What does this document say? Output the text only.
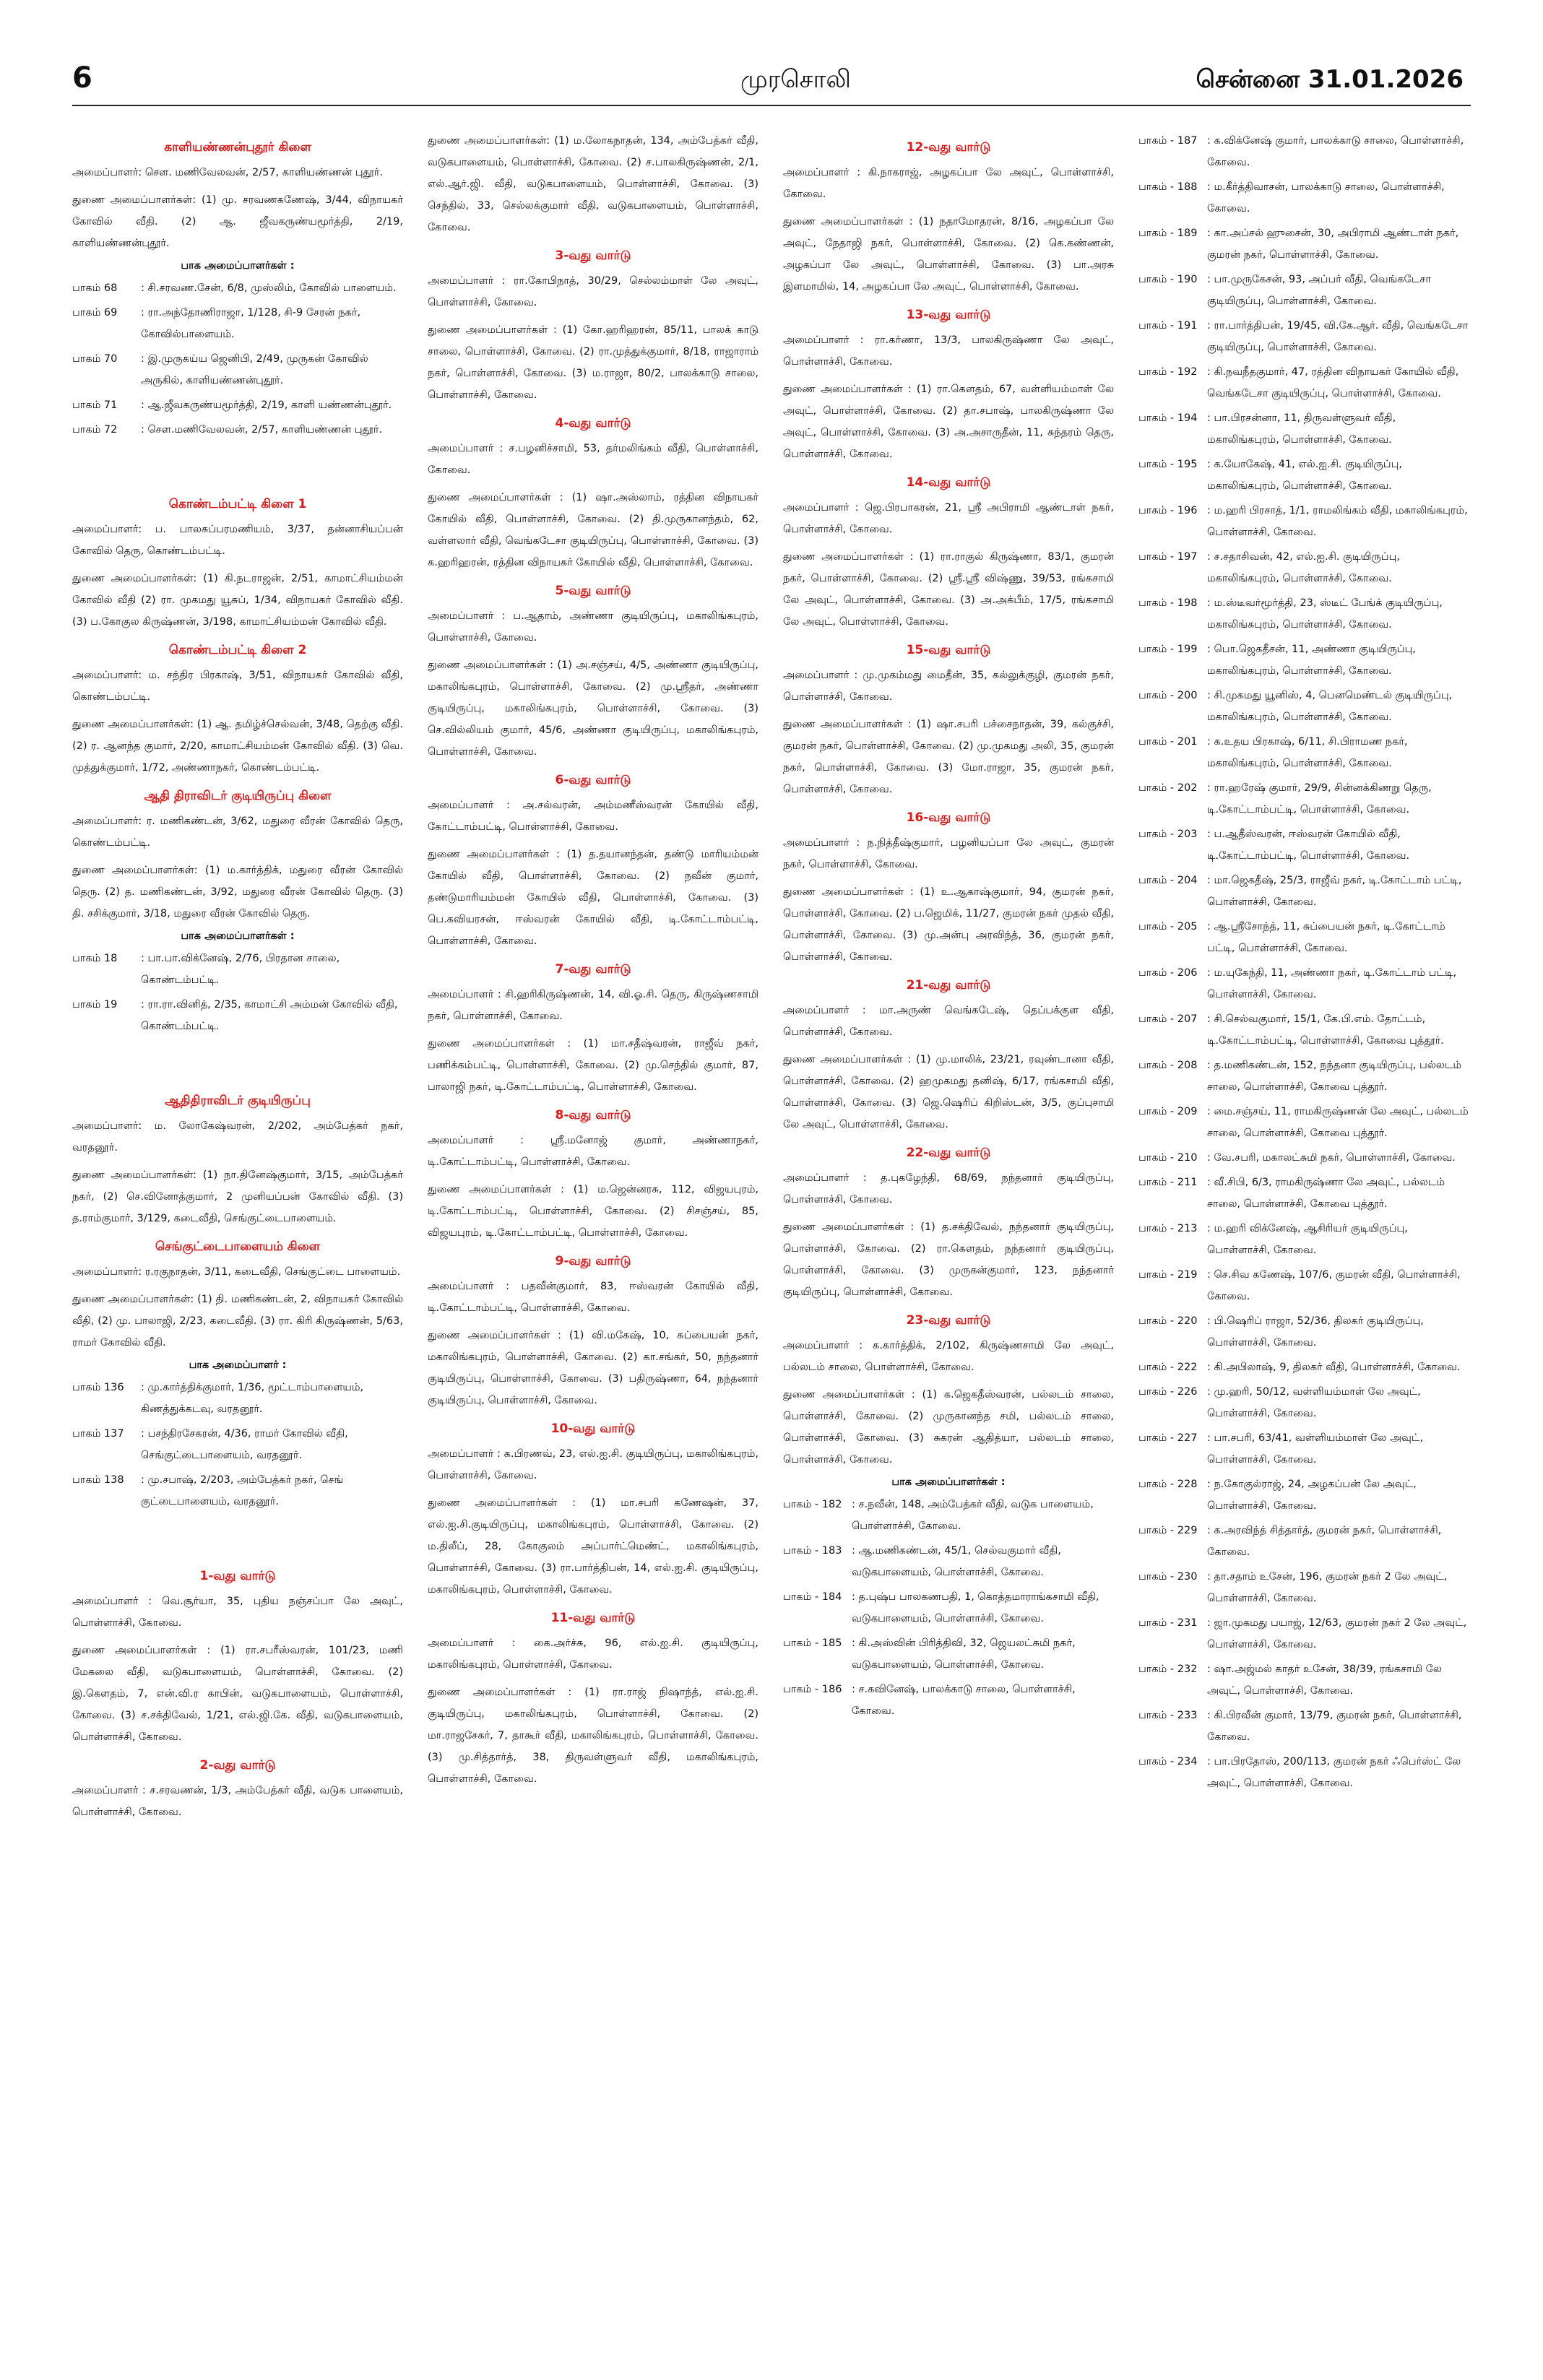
6	முரசொலி	சென்னை 31.01.2026
காளியண்ணன்புதூர் கிளை

அமைப்பாளர்: செள. மணிவேலவன், 2/57, காளியண்ணன் புதூர்.

துணை அமைப்பாளர்கள்: (1) மு. சரவணகணேஷ், 3/44, விநாயகர் கோவில் வீதி. (2) ஆ. ஜீவகருண்யமூர்த்தி, 2/19, காளியண்ணன்புதூர்.

பாக அமைப்பாளர்கள் :
பாகம் 68	: சி.சரவண.சேன், 6/8, முஸ்லிம், கோவில் பாளையம்.
பாகம் 69	: ரா.அந்தோணிராஜா, 1/128, சி-9 சேரன் நகர், கோவில்பாளையம்.
பாகம் 70	: இ.முருகய்ய ஜெனிபி, 2/49, முருகன் கோவில் அருகில், காளியண்ணன்புதூர்.
பாகம் 71	: ஆ.ஜீவகருண்யமூர்த்தி, 2/19, காளி யண்ணன்புதூர்.
பாகம் 72	: செள.மணிவேலவன், 2/57, காளியண்ணன் புதூர்.
கொண்டம்பட்டி கிளை 1

அமைப்பாளர்: ப. பாலசுப்பரமணியம், 3/37, தன்னாசியப்பன் கோவில் தெரு, கொண்டம்பட்டி.

துணை அமைப்பாளர்கள்: (1) கி.நடராஜன், 2/51, காமாட்சியம்மன் கோவில் வீதி (2) ரா. முகமது யூசுப், 1/34, விநாயகர் கோவில் வீதி. (3) ப.கோகுல கிருஷ்ணன், 3/198, காமாட்சியம்மன் கோவில் வீதி.

கொண்டம்பட்டி கிளை 2

அமைப்பாளர்: ம. சந்திர பிரகாஷ், 3/51, விநாயகர் கோவில் வீதி, கொண்டம்பட்டி.

துணை அமைப்பாளர்கள்: (1) ஆ. தமிழ்ச்செல்வன், 3/48, தெற்கு வீதி. (2) ர. ஆனந்த குமார், 2/20, காமாட்சியம்மன் கோவில் வீதி. (3) வெ. முத்துக்குமார், 1/72, அண்ணாநகர், கொண்டம்பட்டி.

ஆதி திராவிடர் குடியிருப்பு கிளை

அமைப்பாளர்: ர. மணிகண்டன், 3/62, மதுரை வீரன் கோவில் தெரு, கொண்டம்பட்டி.

துணை அமைப்பாளர்கள்: (1) ம.கார்த்திக், மதுரை வீரன் கோவில் தெரு. (2) த. மணிகண்டன், 3/92, மதுரை வீரன் கோவில் தெரு. (3) தி. சசிக்குமார், 3/18, மதுரை வீரன் கோவில் தெரு.

பாக அமைப்பாளர்கள் :
பாகம் 18	: பா.பா.விக்னேஷ், 2/76, பிரதான சாலை, கொண்டம்பட்டி.
பாகம் 19	: ரா.ரா.வினித், 2/35, காமாட்சி அம்மன் கோவில் வீதி, கொண்டம்பட்டி.
ஆதிதிராவிடர் குடியிருப்பு

அமைப்பாளர்: ம. லோகேஷ்வரன், 2/202, அம்பேத்கர் நகர், வரதனூர்.

துணை அமைப்பாளர்கள்: (1) நா.தினேஷ்குமார், 3/15, அம்பேத்கர் நகர், (2) செ.வினோத்குமார், 2 முனியப்பன் கோவில் வீதி. (3) த.ராம்குமார், 3/129, கடைவீதி, செங்குட்டைபாளையம்.

செங்குட்டைபாளையம் கிளை

அமைப்பாளர்: ர.ரகுநாதன், 3/11, கடைவீதி, செங்குட்டை பாளையம்.

துணை அமைப்பாளர்கள்: (1) தி. மணிகண்டன், 2, விநாயகர் கோவில் வீதி, (2) மு. பாலாஜி, 2/23, கடைவீதி. (3) ரா. கிரி கிருஷ்ணன், 5/63, ராமர் கோவில் வீதி.

பாக அமைப்பாளர் :
பாகம் 136	: மு.கார்த்திக்குமார், 1/36, மூட்டாம்பாளையம், கிணத்துக்கடவு, வரதனூர்.
பாகம் 137	: பசந்திரசேகரன், 4/36, ராமர் கோவில் வீதி, செங்குட்டைபாளையம், வரதனூர்.
பாகம் 138	: மு.சபாஷ், 2/203, அம்பேத்கர் நகர், செங் குட்டைபாளையம், வரதனூர்.
1-வது வார்டு

அமைப்பாளர் : வெ.சூர்யா, 35, புதிய நஞ்சப்பா லே அவுட், பொள்ளாச்சி, கோவை.

துணை அமைப்பாளர்கள் : (1) ரா.சபரீஸ்வரன், 101/23, மணி மேகலை வீதி, வடுகபாளையம், பொள்ளாச்சி, கோவை. (2) இ.கௌதம், 7, என்.வி.ர காபின், வடுகபாளையம், பொள்ளாச்சி, கோவை. (3) ச.சக்திவேல், 1/21, எல்.ஜி.கே. வீதி, வடுகபாளையம், பொள்ளாச்சி, கோவை.

2-வது வார்டு

அமைப்பாளர் : ச.சரவணன், 1/3, அம்பேத்கர் வீதி, வடுக பாளையம், பொள்ளாச்சி, கோவை.

துணை அமைப்பாளர்கள்: (1) ம.லோகநாதன், 134, அம்பேத்கர் வீதி, வடுகபாளையம், பொள்ளாச்சி, கோவை. (2) ச.பாலகிருஷ்ணன், 2/1, எல்.ஆர்.ஜி. வீதி, வடுகபாளையம், பொள்ளாச்சி, கோவை. (3) செந்தில், 33, செல்லக்குமார் வீதி, வடுகபாளையம், பொள்ளாச்சி, கோவை.

3-வது வார்டு

அமைப்பாளர் : ரா.கோபிநாத், 30/29, செல்லம்மாள் லே அவுட், பொள்ளாச்சி, கோவை.

துணை அமைப்பாளர்கள் : (1) கோ.ஹரிஹரன், 85/11, பாலக் காடு சாலை, பொள்ளாச்சி, கோவை. (2) ரா.முத்துக்குமார், 8/18, ராஜாராம் நகர், பொள்ளாச்சி, கோவை. (3) ம.ராஜா, 80/2, பாலக்காடு சாலை, பொள்ளாச்சி, கோவை.

4-வது வார்டு

அமைப்பாளர் : ச.பழனிச்சாமி, 53, தர்மலிங்கம் வீதி, பொள்ளாச்சி, கோவை.

துணை அமைப்பாளர்கள் : (1) ஷா.அஸ்லாம், ரத்தின விநாயகர் கோயில் வீதி, பொள்ளாச்சி, கோவை. (2) தி.முருகானந்தம், 62, வள்ளலார் வீதி, வெங்கடேசா குடியிருப்பு, பொள்ளாச்சி, கோவை. (3) க.ஹரிஹரன், ரத்தின விநாயகர் கோயில் வீதி, பொள்ளாச்சி, கோவை.

5-வது வார்டு

அமைப்பாளர் : ப.ஆதாம், அண்ணா குடியிருப்பு, மகாலிங்கபுரம், பொள்ளாச்சி, கோவை.

துணை அமைப்பாளர்கள் : (1) அ.சஞ்சய், 4/5, அண்ணா குடியிருப்பு, மகாலிங்கபுரம், பொள்ளாச்சி, கோவை. (2) மு.ஸ்ரீதர், அண்ணா குடியிருப்பு, மகாலிங்கபுரம், பொள்ளாச்சி, கோவை. (3) செ.வில்லியம் குமார், 45/6, அண்ணா குடியிருப்பு, மகாலிங்கபுரம், பொள்ளாச்சி, கோவை.

6-வது வார்டு

அமைப்பாளர் : அ.சல்வரன், அம்மணீஸ்வரன் கோயில் வீதி, கோட்டாம்பட்டி, பொள்ளாச்சி, கோவை.

துணை அமைப்பாளர்கள் : (1) த.தயானந்தன், தண்டு மாரியம்மன் கோயில் வீதி, பொள்ளாச்சி, கோவை. (2) நவீன் குமார், தண்டுமாரியம்மன் கோயில் வீதி, பொள்ளாச்சி, கோவை. (3) பெ.கவியரசன், ஈஸ்வரன் கோயில் வீதி, டி.கோட்டாம்பட்டி, பொள்ளாச்சி, கோவை.

7-வது வார்டு

அமைப்பாளர் : சி.ஹரிகிருஷ்ணன், 14, வி.ஓ.சி. தெரு, கிருஷ்ணசாமி நகர், பொள்ளாச்சி, கோவை.

துணை அமைப்பாளர்கள் : (1) மா.சதீஷ்வரன், ராஜீவ் நகர், பணிக்கம்பட்டி, பொள்ளாச்சி, கோவை. (2) மு.செந்தில் குமார், 87, பாலாஜி நகர், டி.கோட்டாம்பட்டி, பொள்ளாச்சி, கோவை.

8-வது வார்டு

அமைப்பாளர் : ஸ்ரீ.மனோஜ் குமார், அண்ணாநகர், டி.கோட்டாம்பட்டி, பொள்ளாச்சி, கோவை.

துணை அமைப்பாளர்கள் : (1) ம.ஜென்னரசு, 112, விஜயபுரம், டி.கோட்டாம்பட்டி, பொள்ளாச்சி, கோவை. (2) சிசஞ்சய், 85, விஜயபுரம், டி.கோட்டாம்பட்டி, பொள்ளாச்சி, கோவை.

9-வது வார்டு

அமைப்பாளர் : பதவீன்குமார், 83, ஈஸ்வரன் கோயில் வீதி, டி.கோட்டாம்பட்டி, பொள்ளாச்சி, கோவை.

துணை அமைப்பாளர்கள் : (1) வி.மகேஷ், 10, சுப்பையன் நகர், மகாலிங்கபுரம், பொள்ளாச்சி, கோவை. (2) கா.சங்கர், 50, நந்தனார் குடியிருப்பு, பொள்ளாச்சி, கோவை. (3) பதிருஷ்ணா, 64, நந்தனார் குடியிருப்பு, பொள்ளாச்சி, கோவை.

10-வது வார்டு

அமைப்பாளர் : க.பிரணவ், 23, எல்.ஐ.சி. குடியிருப்பு, மகாலிங்கபுரம், பொள்ளாச்சி, கோவை.

துணை அமைப்பாளர்கள் : (1) மா.சபரி கணேஷன், 37, எல்.ஐ.சி.குடியிருப்பு, மகாலிங்கபுரம், பொள்ளாச்சி, கோவை. (2) ம.திலீப், 28, கோகுலம் அப்பார்ட்மெண்ட், மகாலிங்கபுரம், பொள்ளாச்சி, கோவை. (3) ரா.பார்த்திபன், 14, எல்.ஐ.சி. குடியிருப்பு, மகாலிங்கபுரம், பொள்ளாச்சி, கோவை.

11-வது வார்டு

அமைப்பாளர் : கை.அர்ச்சு, 96, எல்.ஐ.சி. குடியிருப்பு, மகாலிங்கபுரம், பொள்ளாச்சி, கோவை.

துணை அமைப்பாளர்கள் : (1) ரா.ராஜ் நிஷாந்த், எல்.ஐ.சி. குடியிருப்பு, மகாலிங்கபுரம், பொள்ளாச்சி, கோவை. (2) மா.ராஜசேகர், 7, தாகூர் வீதி, மகாலிங்கபுரம், பொள்ளாச்சி, கோவை. (3) மு.சித்தார்த், 38, திருவள்ளுவர் வீதி, மகாலிங்கபுரம், பொள்ளாச்சி, கோவை.

12-வது வார்டு

அமைப்பாளர் : கி.நாகராஜ், அழகப்பா லே அவுட், பொள்ளாச்சி, கோவை.

துணை அமைப்பாளர்கள் : (1) நதாமோதரன், 8/16, அழகப்பா லே அவுட், நேதாஜி நகர், பொள்ளாச்சி, கோவை. (2) கெ.கண்ணன், அழகப்பா லே அவுட், பொள்ளாச்சி, கோவை. (3) பா.அரசு இளமாமில், 14, அழகப்பா லே அவுட், பொள்ளாச்சி, கோவை.

13-வது வார்டு

அமைப்பாளர் : ரா.கர்ணா, 13/3, பாலகிருஷ்ணா லே அவுட், பொள்ளாச்சி, கோவை.

துணை அமைப்பாளர்கள் : (1) ரா.கௌதம், 67, வள்ளியம்மாள் லே அவுட், பொள்ளாச்சி, கோவை. (2) தா.சபாஷ், பாலகிருஷ்ணா லே அவுட், பொள்ளாச்சி, கோவை. (3) அ.அசாருதீன், 11, சுந்தரம் தெரு, பொள்ளாச்சி, கோவை.

14-வது வார்டு

அமைப்பாளர் : ஜெ.பிரபாகரன், 21, ஸ்ரீ அபிராமி ஆண்டாள் நகர், பொள்ளாச்சி, கோவை.

துணை அமைப்பாளர்கள் : (1) ரா.ராகுல் கிருஷ்ணா, 83/1, குமரன் நகர், பொள்ளாச்சி, கோவை. (2) ஸ்ரீ.ஸ்ரீ விஷ்ணு, 39/53, ரங்கசாமி லே அவுட், பொள்ளாச்சி, கோவை. (3) அ.அக்பீம், 17/5, ரங்கசாமி லே அவுட், பொள்ளாச்சி, கோவை.

15-வது வார்டு

அமைப்பாளர் : மு.முகம்மது மைதீன், 35, கல்லுக்குழி, குமரன் நகர், பொள்ளாச்சி, கோவை.

துணை அமைப்பாளர்கள் : (1) ஷா.சபரி பச்சைநாதன், 39, கல்குச்சி, குமரன் நகர், பொள்ளாச்சி, கோவை. (2) மு.முகமது அலி, 35, குமரன் நகர், பொள்ளாச்சி, கோவை. (3) மோ.ராஜா, 35, குமரன் நகர், பொள்ளாச்சி, கோவை.

16-வது வார்டு

அமைப்பாளர் : ந.நித்தீஷ்குமார், பழனியப்பா லே அவுட், குமரன் நகர், பொள்ளாச்சி, கோவை.

துணை அமைப்பாளர்கள் : (1) உ.ஆகாஷ்குமார், 94, குமரன் நகர், பொள்ளாச்சி, கோவை. (2) ப.ஜெமிக், 11/27, குமரன் நகர் முதல் வீதி, பொள்ளாச்சி, கோவை. (3) மு.அன்பு அரவிந்த், 36, குமரன் நகர், பொள்ளாச்சி, கோவை.

21-வது வார்டு

அமைப்பாளர் : மா.அருண் வெங்கடேஷ், தெப்பக்குள வீதி, பொள்ளாச்சி, கோவை.

துணை அமைப்பாளர்கள் : (1) மு.மாலிக், 23/21, ரவுண்டானா வீதி, பொள்ளாச்சி, கோவை. (2) ஹமுகமது தனிஷ், 6/17, ரங்கசாமி வீதி, பொள்ளாச்சி, கோவை. (3) ஜெ.ஷெரிப் கிறிஸ்டன், 3/5, குப்புசாமி லே அவுட், பொள்ளாச்சி, கோவை.

22-வது வார்டு

அமைப்பாளர் : த.புகழேந்தி, 68/69, நந்தனார் குடியிருப்பு, பொள்ளாச்சி, கோவை.

துணை அமைப்பாளர்கள் : (1) த.சக்திவேல், நந்தனார் குடியிருப்பு, பொள்ளாச்சி, கோவை. (2) ரா.கௌதம், நந்தனார் குடியிருப்பு, பொள்ளாச்சி, கோவை. (3) முருகன்குமார், 123, நந்தனார் குடியிருப்பு, பொள்ளாச்சி, கோவை.

23-வது வார்டு

அமைப்பாளர் : க.கார்த்திக், 2/102, கிருஷ்ணசாமி லே அவுட், பல்லடம் சாலை, பொள்ளாச்சி, கோவை.

துணை அமைப்பாளர்கள் : (1) க.ஜெகதீஸ்வரன், பல்லடம் சாலை, பொள்ளாச்சி, கோவை. (2) முருகானந்த சமி, பல்லடம் சாலை, பொள்ளாச்சி, கோவை. (3) சுகரன் ஆதித்யா, பல்லடம் சாலை, பொள்ளாச்சி, கோவை.

பாக அமைப்பாளர்கள் :
பாகம் - 182 : ச.நவீன், 148, அம்பேத்கர் வீதி, வடுக பாளையம், பொள்ளாச்சி, கோவை.
பாகம் - 183 : ஆ.மணிகண்டன், 45/1, செல்வகுமார் வீதி, வடுகபாளையம், பொள்ளாச்சி, கோவை.
பாகம் - 184 : த.புஷ்ப பாலகணபதி, 1, கொத்தமாராங்கசாமி வீதி, வடுகபாளையம், பொள்ளாச்சி, கோவை.
பாகம் - 185 : கி.அஸ்வின் பிரித்திவி, 32, ஜெயலட்சுமி நகர், வடுகபாளையம், பொள்ளாச்சி, கோவை.
பாகம் - 186 : ச.கவினேஷ், பாலக்காடு சாலை, பொள்ளாச்சி, கோவை.
பாகம் - 187 : க.விக்னேஷ் குமார், பாலக்காடு சாலை, பொள்ளாச்சி, கோவை.
பாகம் - 188 : ம.கீர்த்திவாசன், பாலக்காடு சாலை, பொள்ளாச்சி, கோவை.
பாகம் - 189 : கா.அப்சல் ஹுசைன், 30, அபிராமி ஆண்டாள் நகர், குமரன் நகர், பொள்ளாச்சி, கோவை.
பாகம் - 190 : பா.முருகேசன், 93, அப்பர் வீதி, வெங்கடேசா குடியிருப்பு, பொள்ளாச்சி, கோவை.
பாகம் - 191 : ரா.பார்த்திபன், 19/45, வி.கே.ஆர். வீதி, வெங்கடேசா குடியிருப்பு, பொள்ளாச்சி, கோவை.
பாகம் - 192 : கி.நவநீதகுமார், 47, ரத்தின விநாயகர் கோயில் வீதி, வெங்கடேசா குடியிருப்பு, பொள்ளாச்சி, கோவை.
பாகம் - 194 : பா.பிரசன்னா, 11, திருவள்ளுவர் வீதி, மகாலிங்கபுரம், பொள்ளாச்சி, கோவை.
பாகம் - 195 : க.யோகேஷ், 41, எல்.ஐ.சி. குடியிருப்பு, மகாலிங்கபுரம், பொள்ளாச்சி, கோவை.
பாகம் - 196 : ம.ஹரி பிரசாத், 1/1, ராமலிங்கம் வீதி, மகாலிங்கபுரம், பொள்ளாச்சி, கோவை.
பாகம் - 197 : ச.சதாசிவன், 42, எல்.ஐ.சி. குடியிருப்பு, மகாலிங்கபுரம், பொள்ளாச்சி, கோவை.
பாகம் - 198 : ம.ஸ்டீவர்மூர்த்தி, 23, ஸ்டீட் பேங்க் குடியிருப்பு, மகாலிங்கபுரம், பொள்ளாச்சி, கோவை.
பாகம் - 199 : பொ.ஜெகதீசன், 11, அண்ணா குடியிருப்பு, மகாலிங்கபுரம், பொள்ளாச்சி, கோவை.
பாகம் - 200 : சி.முகமது யூனிஸ், 4, பெனமெண்டல் குடியிருப்பு, மகாலிங்கபுரம், பொள்ளாச்சி, கோவை.
பாகம் - 201 : க.உதய பிரகாஷ், 6/11, சி.பிராமண நகர், மகாலிங்கபுரம், பொள்ளாச்சி, கோவை.
பாகம் - 202 : ரா.ஹரேஷ் குமார், 29/9, சின்னக்கிணறு தெரு, டி.கோட்டாம்பட்டி, பொள்ளாச்சி, கோவை.
பாகம் - 203 : ப.ஆதீஸ்வரன், ஈஸ்வரன் கோயில் வீதி, டி.கோட்டாம்பட்டி, பொள்ளாச்சி, கோவை.
பாகம் - 204 : மா.ஜெகதீஷ், 25/3, ராஜீவ் நகர், டி.கோட்டாம் பட்டி, பொள்ளாச்சி, கோவை.
பாகம் - 205 : ஆ.ஸ்ரீசோந்த், 11, சுப்பையன் நகர், டி.கோட்டாம் பட்டி, பொள்ளாச்சி, கோவை.
பாகம் - 206 : ம.யுகேந்தி, 11, அண்ணா நகர், டி.கோட்டாம் பட்டி, பொள்ளாச்சி, கோவை.
பாகம் - 207 : சி.செல்வகுமார், 15/1, கே.பி.எம். தோட்டம், டி.கோட்டாம்பட்டி, பொள்ளாச்சி, கோவை புத்தூர்.
பாகம் - 208 : த.மணிகண்டன், 152, நந்தனா குடியிருப்பு, பல்லடம் சாலை, பொள்ளாச்சி, கோவை புத்தூர்.
பாகம் - 209 : மை.சஞ்சய், 11, ராமகிருஷ்ணன் லே அவுட், பல்லடம் சாலை, பொள்ளாச்சி, கோவை புத்தூர்.
பாகம் - 210 : வே.சபரி, மகாலட்சுமி நகர், பொள்ளாச்சி, கோவை.
பாகம் - 211 : வீ.சிபி, 6/3, ராமகிருஷ்ணா லே அவுட், பல்லடம் சாலை, பொள்ளாச்சி, கோவை புத்தூர்.
பாகம் - 213 : ம.ஹரி விக்னேஷ், ஆசிரியர் குடியிருப்பு, பொள்ளாச்சி, கோவை.
பாகம் - 219 : செ.சிவ கணேஷ், 107/6, குமரன் வீதி, பொள்ளாச்சி, கோவை.
பாகம் - 220 : பி.ஷெரிப் ராஜா, 52/36, திலகர் குடியிருப்பு, பொள்ளாச்சி, கோவை.
பாகம் - 222 : கி.அபிலாஷ், 9, திலகர் வீதி, பொள்ளாச்சி, கோவை.
பாகம் - 226 : மு.ஹரி, 50/12, வள்ளியம்மாள் லே அவுட், பொள்ளாச்சி, கோவை.
பாகம் - 227 : பா.சபரி, 63/41, வள்ளியம்மாள் லே அவுட், பொள்ளாச்சி, கோவை.
பாகம் - 228 : ந.கோகுல்ராஜ், 24, அழகப்பன் லே அவுட், பொள்ளாச்சி, கோவை.
பாகம் - 229 : க.அரவிந்த் சித்தார்த், குமரன் நகர், பொள்ளாச்சி, கோவை.
பாகம் - 230 : தா.சதாம் உசேன், 196, குமரன் நகர் 2 லே அவுட், பொள்ளாச்சி, கோவை.
பாகம் - 231 : ஜா.முகமது பயாஜ், 12/63, குமரன் நகர் 2 லே அவுட், பொள்ளாச்சி, கோவை.
பாகம் - 232 : ஷா.அஜ்மல் காதர் உசேன், 38/39, ரங்கசாமி லே அவுட், பொள்ளாச்சி, கோவை.
பாகம் - 233 : கி.பிரவீன் குமார், 13/79, குமரன் நகர், பொள்ளாச்சி, கோவை.
பாகம் - 234 : பா.பிரதோஸ், 200/113, குமரன் நகர் ஃபெர்ஸ்ட் லே அவுட், பொள்ளாச்சி, கோவை.
